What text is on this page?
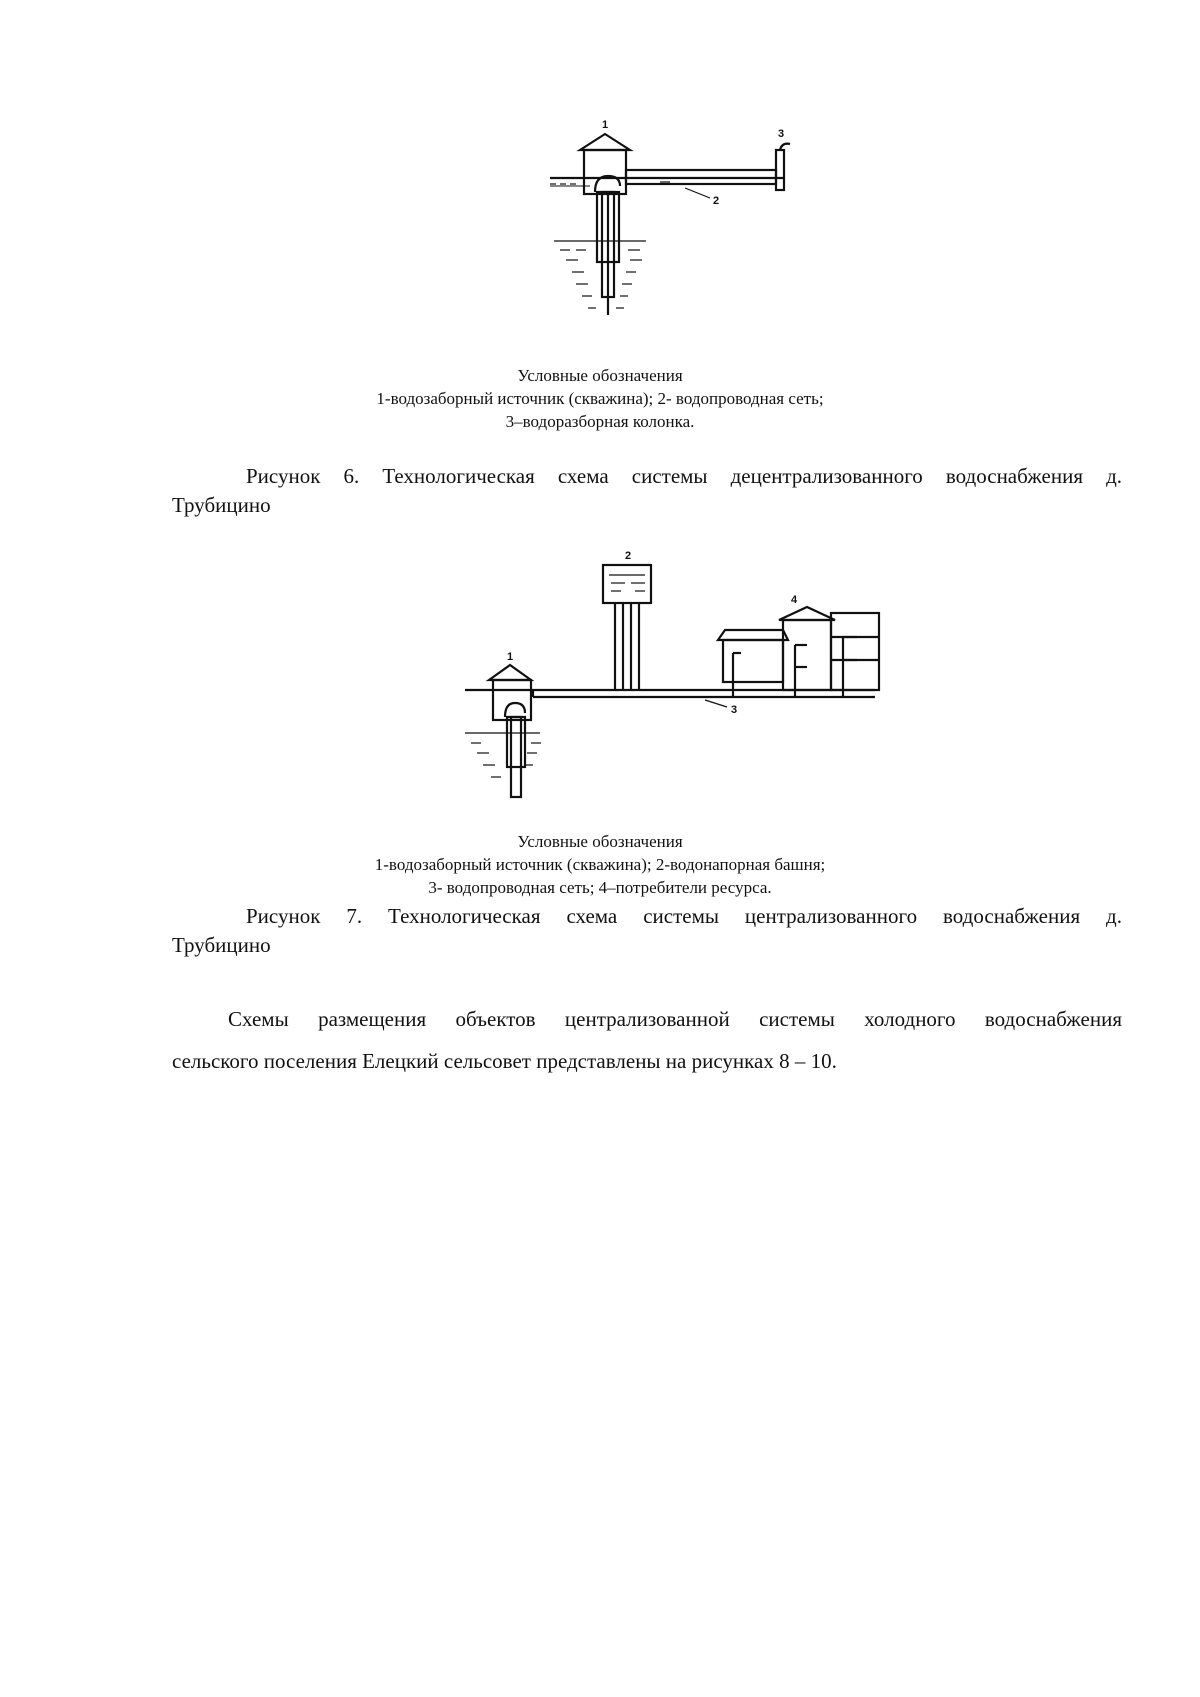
1
2
3
Условные обозначения
1-водозаборный источник (скважина); 2- водопроводная сеть;
3–водоразборная колонка.
Рисунок 6. Технологическая схема системы децентрализованного водоснабжения д.
Трубицино
1
2
3
4
Условные обозначения
1-водозаборный источник (скважина); 2-водонапорная башня;
3- водопроводная сеть; 4–потребители ресурса.
Рисунок 7. Технологическая схема системы централизованного водоснабжения д.
Трубицино
Схемы размещения объектов централизованной системы холодного водоснабжения
сельского поселения Елецкий сельсовет представлены на рисунках 8 – 10.
